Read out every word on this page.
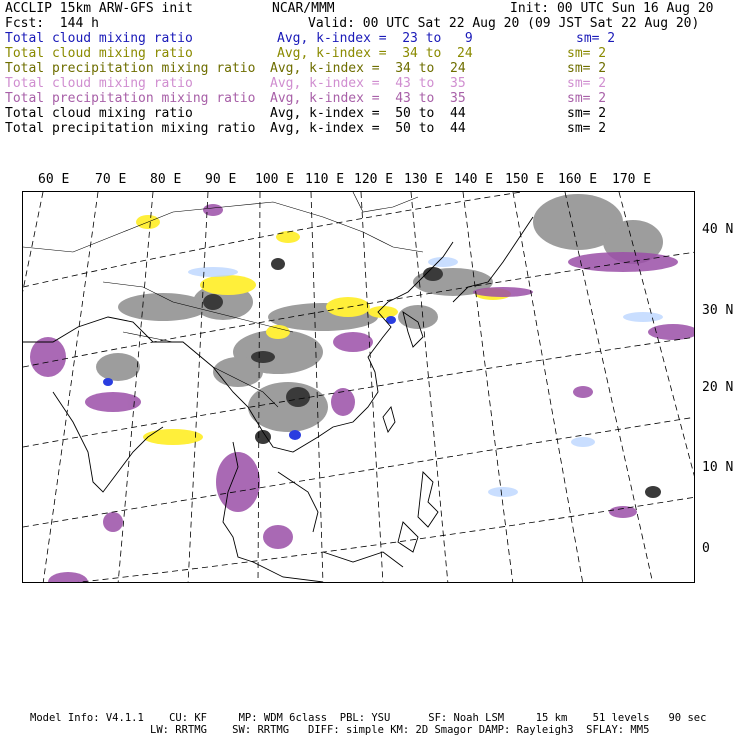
ACCLIP 15km ARW-GFS init	NCAR/MMM	Init: 00 UTC Sun 16 Aug 20
Fcst:  144 h	Valid: 00 UTC Sat 22 Aug 20 (09 JST Sat 22 Aug 20)
Total cloud mixing ratio	Avg, k-index =  23 to   9	sm= 2
Total cloud mixing ratio	Avg, k-index =  34 to  24	sm= 2
Total precipitation mixing ratio Avg, k-index =  34 to  24	sm= 2
Total cloud mixing ratio	Avg, k-index =  43 to  35	sm= 2
Total precipitation mixing ratio Avg, k-index =  43 to  35	sm= 2
Total cloud mixing ratio	Avg, k-index =  50 to  44	sm= 2
Total precipitation mixing ratio Avg, k-index =  50 to  44	sm= 2
60 E 70 E 80 E 90 E 100 E 110 E 120 E 130 E 140 E 150 E 160 E 170 E
40 N
30 N
20 N
10 N
0
Model Info: V4.1.1    CU: KF     MP: WDM 6class  PBL: YSU      SF: Noah LSM     15 km    51 levels   90 sec
LW: RRTMG    SW: RRTMG   DIFF: simple KM: 2D Smagor DAMP: Rayleigh3  SFLAY: MM5
